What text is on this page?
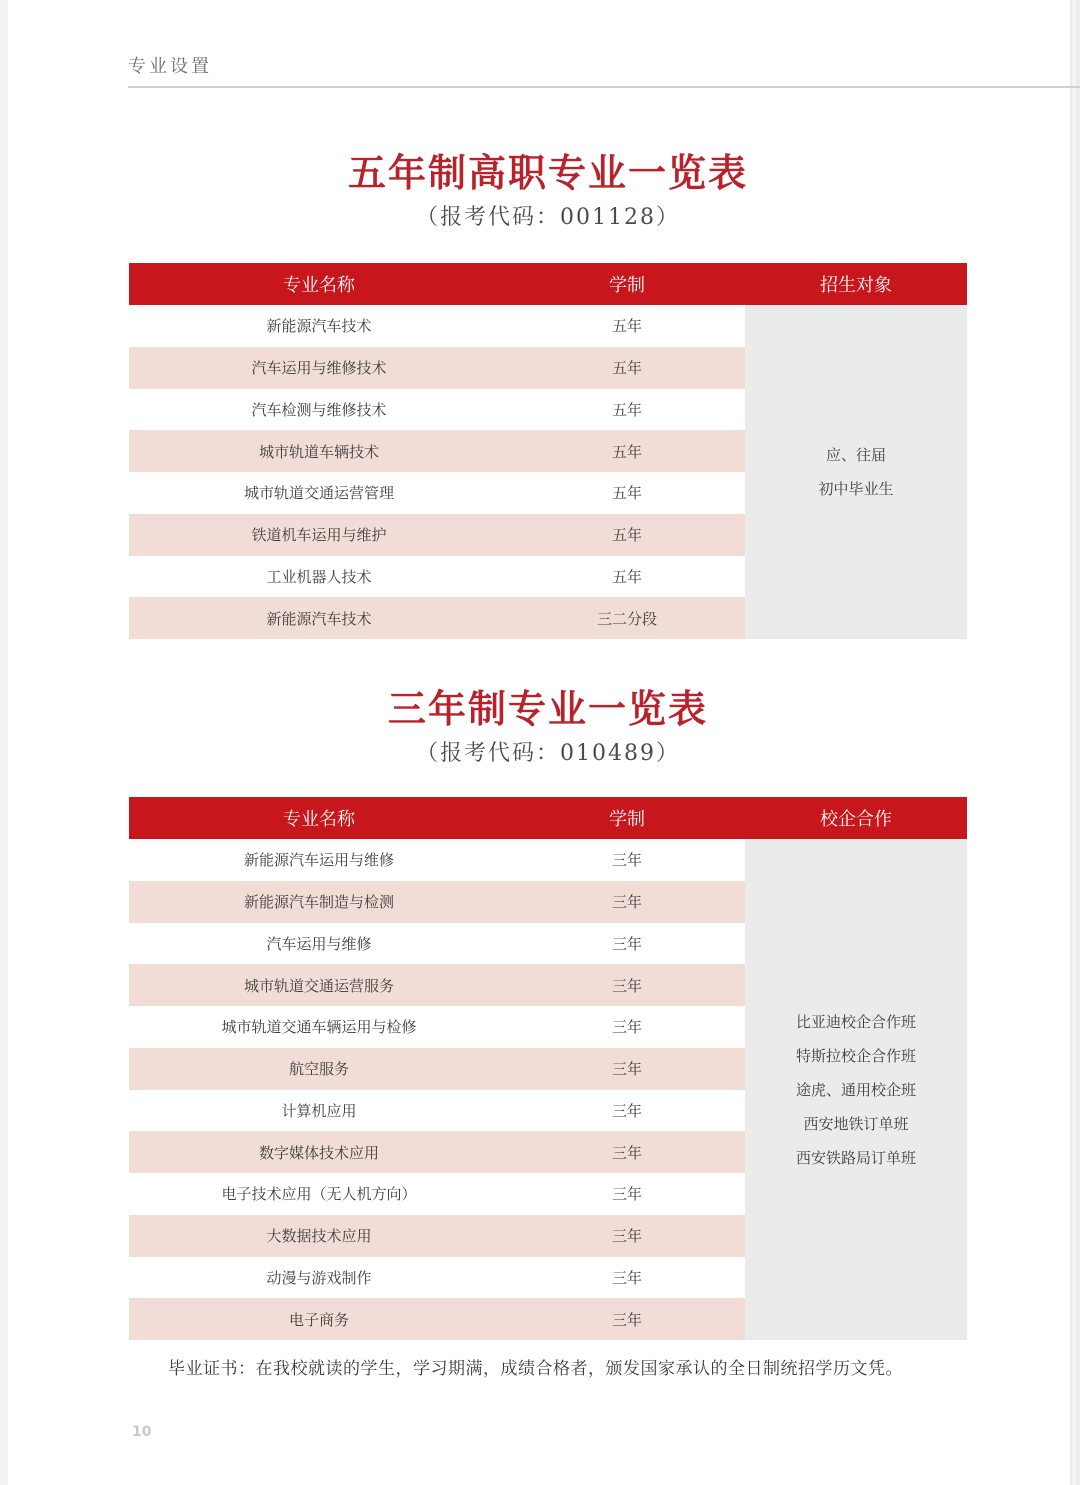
专业设置
五年制高职专业一览表
（报考代码：001128）
专业名称	学制	招生对象
新能源汽车技术	五年
汽车运用与维修技术	五年
汽车检测与维修技术	五年
城市轨道车辆技术	五年
城市轨道交通运营管理	五年
铁道机车运用与维护	五年
工业机器人技术	五年
新能源汽车技术	三二分段
应、往届
初中毕业生
三年制专业一览表
（报考代码：010489）
专业名称	学制	校企合作
新能源汽车运用与维修	三年
新能源汽车制造与检测	三年
汽车运用与维修	三年
城市轨道交通运营服务	三年
城市轨道交通车辆运用与检修	三年
航空服务	三年
计算机应用	三年
数字媒体技术应用	三年
电子技术应用（无人机方向）	三年
大数据技术应用	三年
动漫与游戏制作	三年
电子商务	三年
比亚迪校企合作班
特斯拉校企合作班
途虎、通用校企班
西安地铁订单班
西安铁路局订单班
毕业证书：在我校就读的学生，学习期满，成绩合格者，颁发国家承认的全日制统招学历文凭。
10
